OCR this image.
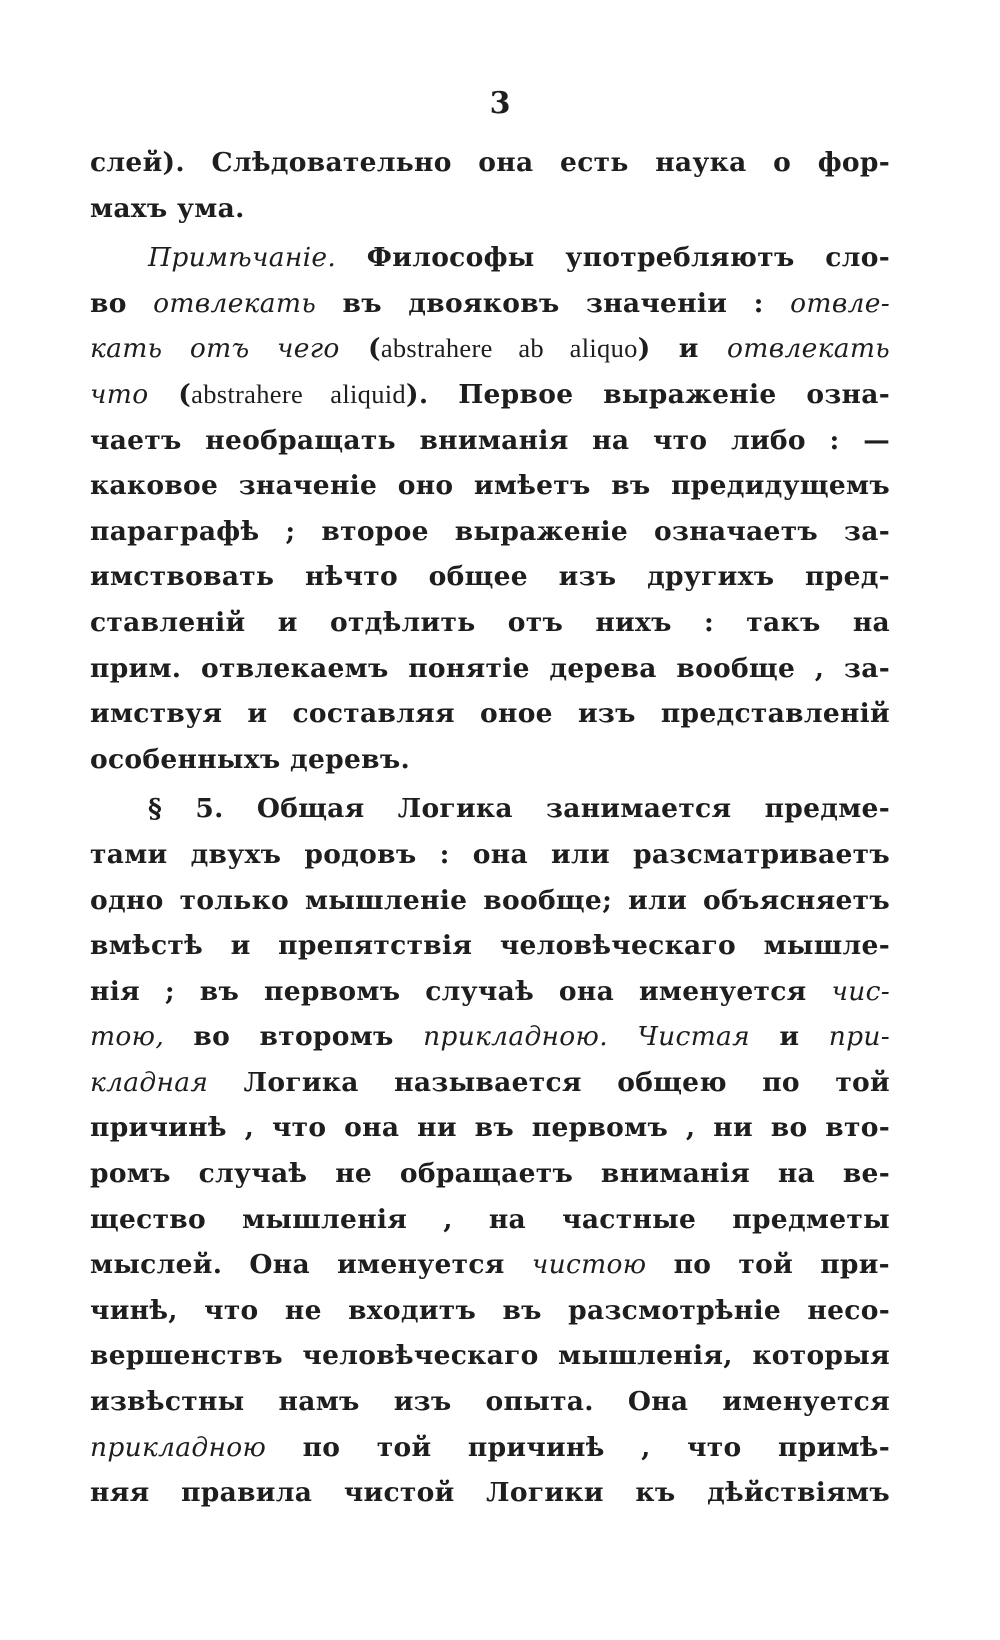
3
слей). Слѣдовательно она есть наука о фор-
махъ ума.
Примѣчаніе. Философы употребляютъ сло-
во отвлекать въ двояковъ значеніи : отвле-
кать отъ чего (abstrahere ab aliquo) и отвлекать
что (abstrahere aliquid). Первое выраженіе озна-
чаетъ необращать вниманія на что либо : —
каковое значеніе оно имѣетъ въ предидущемъ
параграфѣ ; второе выраженіе означаетъ за-
имствовать нѣчто общее изъ другихъ пред-
ставленій и отдѣлить отъ нихъ : такъ на
прим. отвлекаемъ понятіе дерева вообще , за-
имствуя и составляя оное изъ представленій
особенныхъ деревъ.
§ 5. Общая Логика занимается предме-
тами двухъ родовъ : она или разсматриваетъ
одно только мышленіе вообще; или объясняетъ
вмѣстѣ и препятствія человѣческаго мышле-
нія ; въ первомъ случаѣ она именуется чис-
тою, во второмъ прикладною. Чистая и при-
кладная Логика называется общею по той
причинѣ , что она ни въ первомъ , ни во вто-
ромъ случаѣ не обращаетъ вниманія на ве-
щество мышленія , на частные предметы
мыслей. Она именуется чистою по той при-
чинѣ, что не входитъ въ разсмотрѣніе несо-
вершенствъ человѣческаго мышленія, которыя
извѣстны намъ изъ опыта. Она именуется
прикладною по той причинѣ , что примѣ-
няя правила чистой Логики къ дѣйствіямъ
